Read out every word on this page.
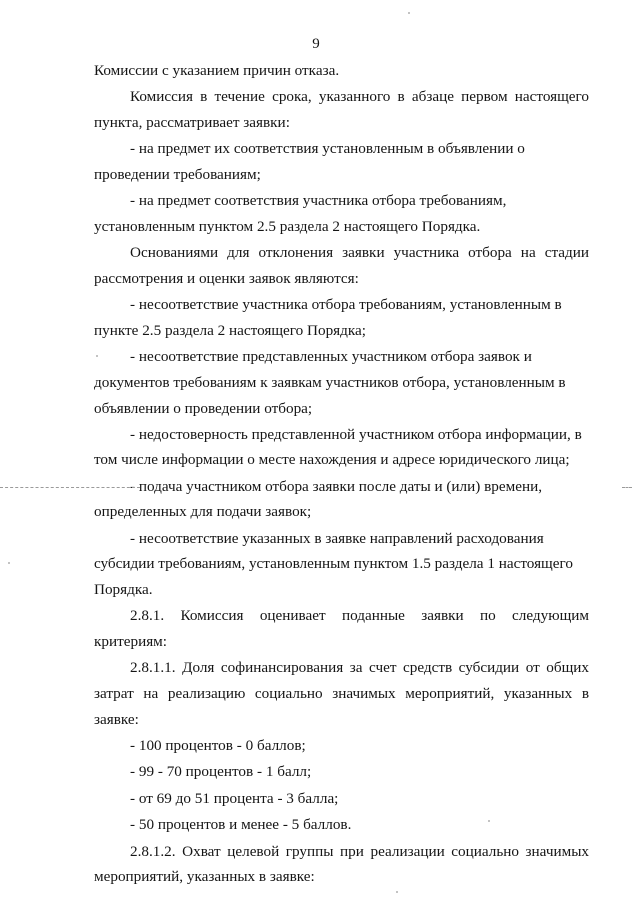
9

Комиссии с указанием причин отказа.

Комиссия в течение срока, указанного в абзаце первом настоящего пункта, рассматривает заявки:

- на предмет их соответствия установленным в объявлении о проведении требованиям;

- на предмет соответствия участника отбора требованиям, установленным пунктом 2.5 раздела 2 настоящего Порядка.

Основаниями для отклонения заявки участника отбора на стадии рассмотрения и оценки заявок являются:

- несоответствие участника отбора требованиям, установленным в пункте 2.5 раздела 2 настоящего Порядка;

- несоответствие представленных участником отбора заявок и документов требованиям к заявкам участников отбора, установленным в объявлении о проведении отбора;

- недостоверность представленной участником отбора информации, в том числе информации о месте нахождения и адресе юридического лица;

- подача участником отбора заявки после даты и (или) времени, определенных для подачи заявок;

- несоответствие указанных в заявке направлений расходования субсидии требованиям, установленным пунктом 1.5 раздела 1 настоящего Порядка.

2.8.1. Комиссия оценивает поданные заявки по следующим критериям:

2.8.1.1. Доля софинансирования за счет средств субсидии от общих затрат на реализацию социально значимых мероприятий, указанных в заявке:

- 100 процентов - 0 баллов;

- 99 - 70 процентов - 1 балл;

- от 69 до 51 процента - 3 балла;

- 50 процентов и менее - 5 баллов.

2.8.1.2. Охват целевой группы при реализации социально значимых мероприятий, указанных в заявке:
